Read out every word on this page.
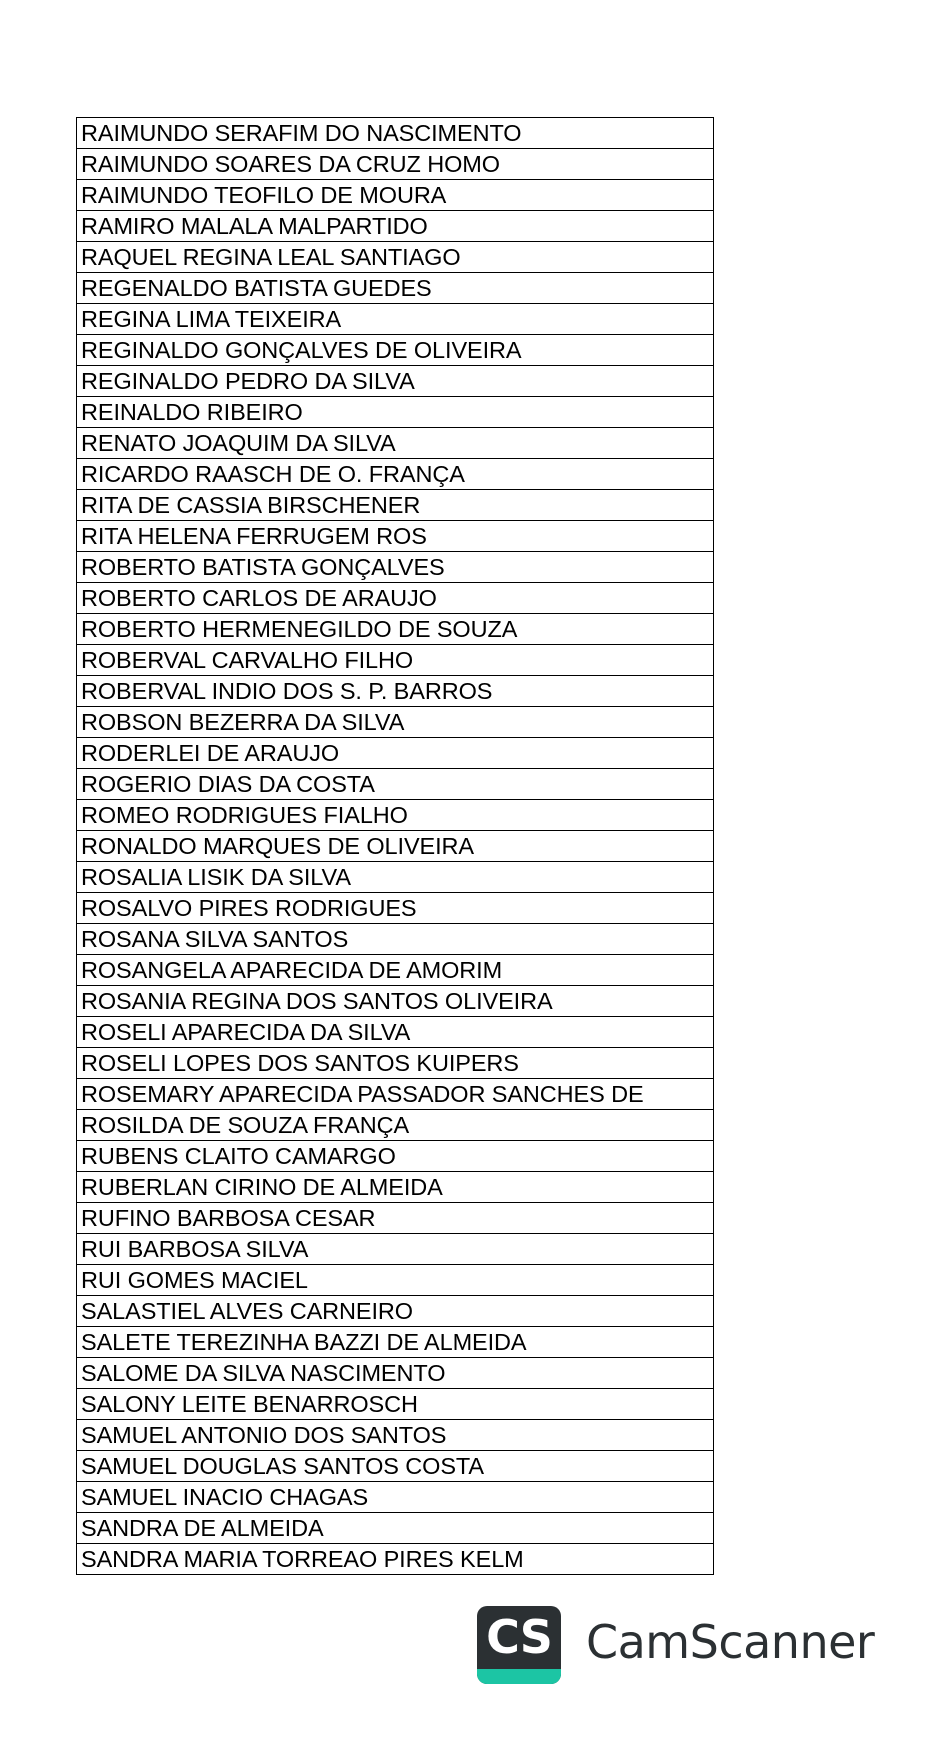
RAIMUNDO SERAFIM DO NASCIMENTO
RAIMUNDO SOARES DA CRUZ HOMO
RAIMUNDO TEOFILO DE MOURA
RAMIRO MALALA MALPARTIDO
RAQUEL REGINA LEAL SANTIAGO
REGENALDO BATISTA GUEDES
REGINA LIMA TEIXEIRA
REGINALDO GONÇALVES DE OLIVEIRA
REGINALDO PEDRO DA SILVA
REINALDO RIBEIRO
RENATO JOAQUIM DA SILVA
RICARDO RAASCH DE O. FRANÇA
RITA DE CASSIA BIRSCHENER
RITA HELENA FERRUGEM ROS
ROBERTO BATISTA GONÇALVES
ROBERTO CARLOS DE ARAUJO
ROBERTO HERMENEGILDO DE SOUZA
ROBERVAL CARVALHO FILHO
ROBERVAL INDIO DOS S. P. BARROS
ROBSON BEZERRA DA SILVA
RODERLEI DE ARAUJO
ROGERIO DIAS DA COSTA
ROMEO RODRIGUES FIALHO
RONALDO MARQUES DE OLIVEIRA
ROSALIA LISIK DA SILVA
ROSALVO PIRES RODRIGUES
ROSANA SILVA SANTOS
ROSANGELA APARECIDA DE AMORIM
ROSANIA REGINA DOS SANTOS OLIVEIRA
ROSELI APARECIDA DA SILVA
ROSELI LOPES DOS SANTOS KUIPERS
ROSEMARY APARECIDA PASSADOR SANCHES DE
ROSILDA DE SOUZA FRANÇA
RUBENS CLAITO CAMARGO
RUBERLAN CIRINO DE ALMEIDA
RUFINO BARBOSA CESAR
RUI BARBOSA SILVA
RUI GOMES MACIEL
SALASTIEL ALVES CARNEIRO
SALETE TEREZINHA BAZZI DE ALMEIDA
SALOME DA SILVA NASCIMENTO
SALONY LEITE BENARROSCH
SAMUEL ANTONIO DOS SANTOS
SAMUEL DOUGLAS SANTOS COSTA
SAMUEL INACIO CHAGAS
SANDRA DE ALMEIDA
SANDRA MARIA TORREAO PIRES KELM
CS CamScanner
